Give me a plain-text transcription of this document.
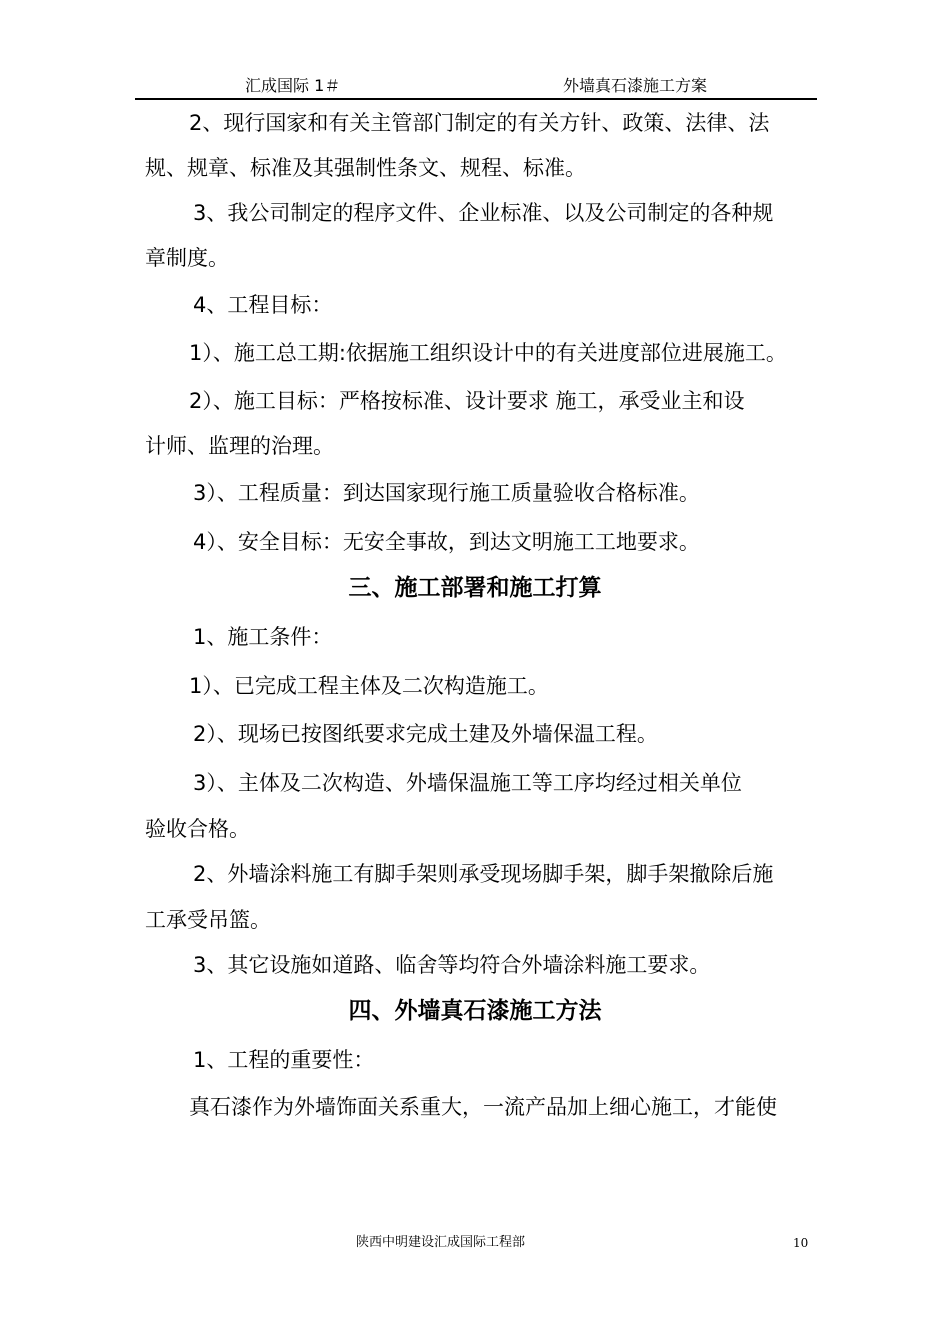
汇成国际 1＃	外墙真石漆施工方案
2、现行国家和有关主管部门制定的有关方针、政策、法律、法
规、规章、标准及其强制性条文、规程、标准。
3、我公司制定的程序文件、企业标准、以及公司制定的各种规
章制度。
4、工程目标：
1）、施工总工期:依据施工组织设计中的有关进度部位进展施工。
2）、施工目标：严格按标准、设计要求 施工，承受业主和设
计师、监理的治理。
3）、工程质量：到达国家现行施工质量验收合格标准。
4）、安全目标：无安全事故，到达文明施工工地要求。
三、施工部署和施工打算
1、施工条件：
1）、已完成工程主体及二次构造施工。
2）、现场已按图纸要求完成土建及外墙保温工程。
3）、主体及二次构造、外墙保温施工等工序均经过相关单位
验收合格。
2、外墙涂料施工有脚手架则承受现场脚手架，脚手架撤除后施
工承受吊篮。
3、其它设施如道路、临舍等均符合外墙涂料施工要求。
四、外墙真石漆施工方法
1、工程的重要性：
真石漆作为外墙饰面关系重大，一流产品加上细心施工，才能使
陕西中明建设汇成国际工程部	10
